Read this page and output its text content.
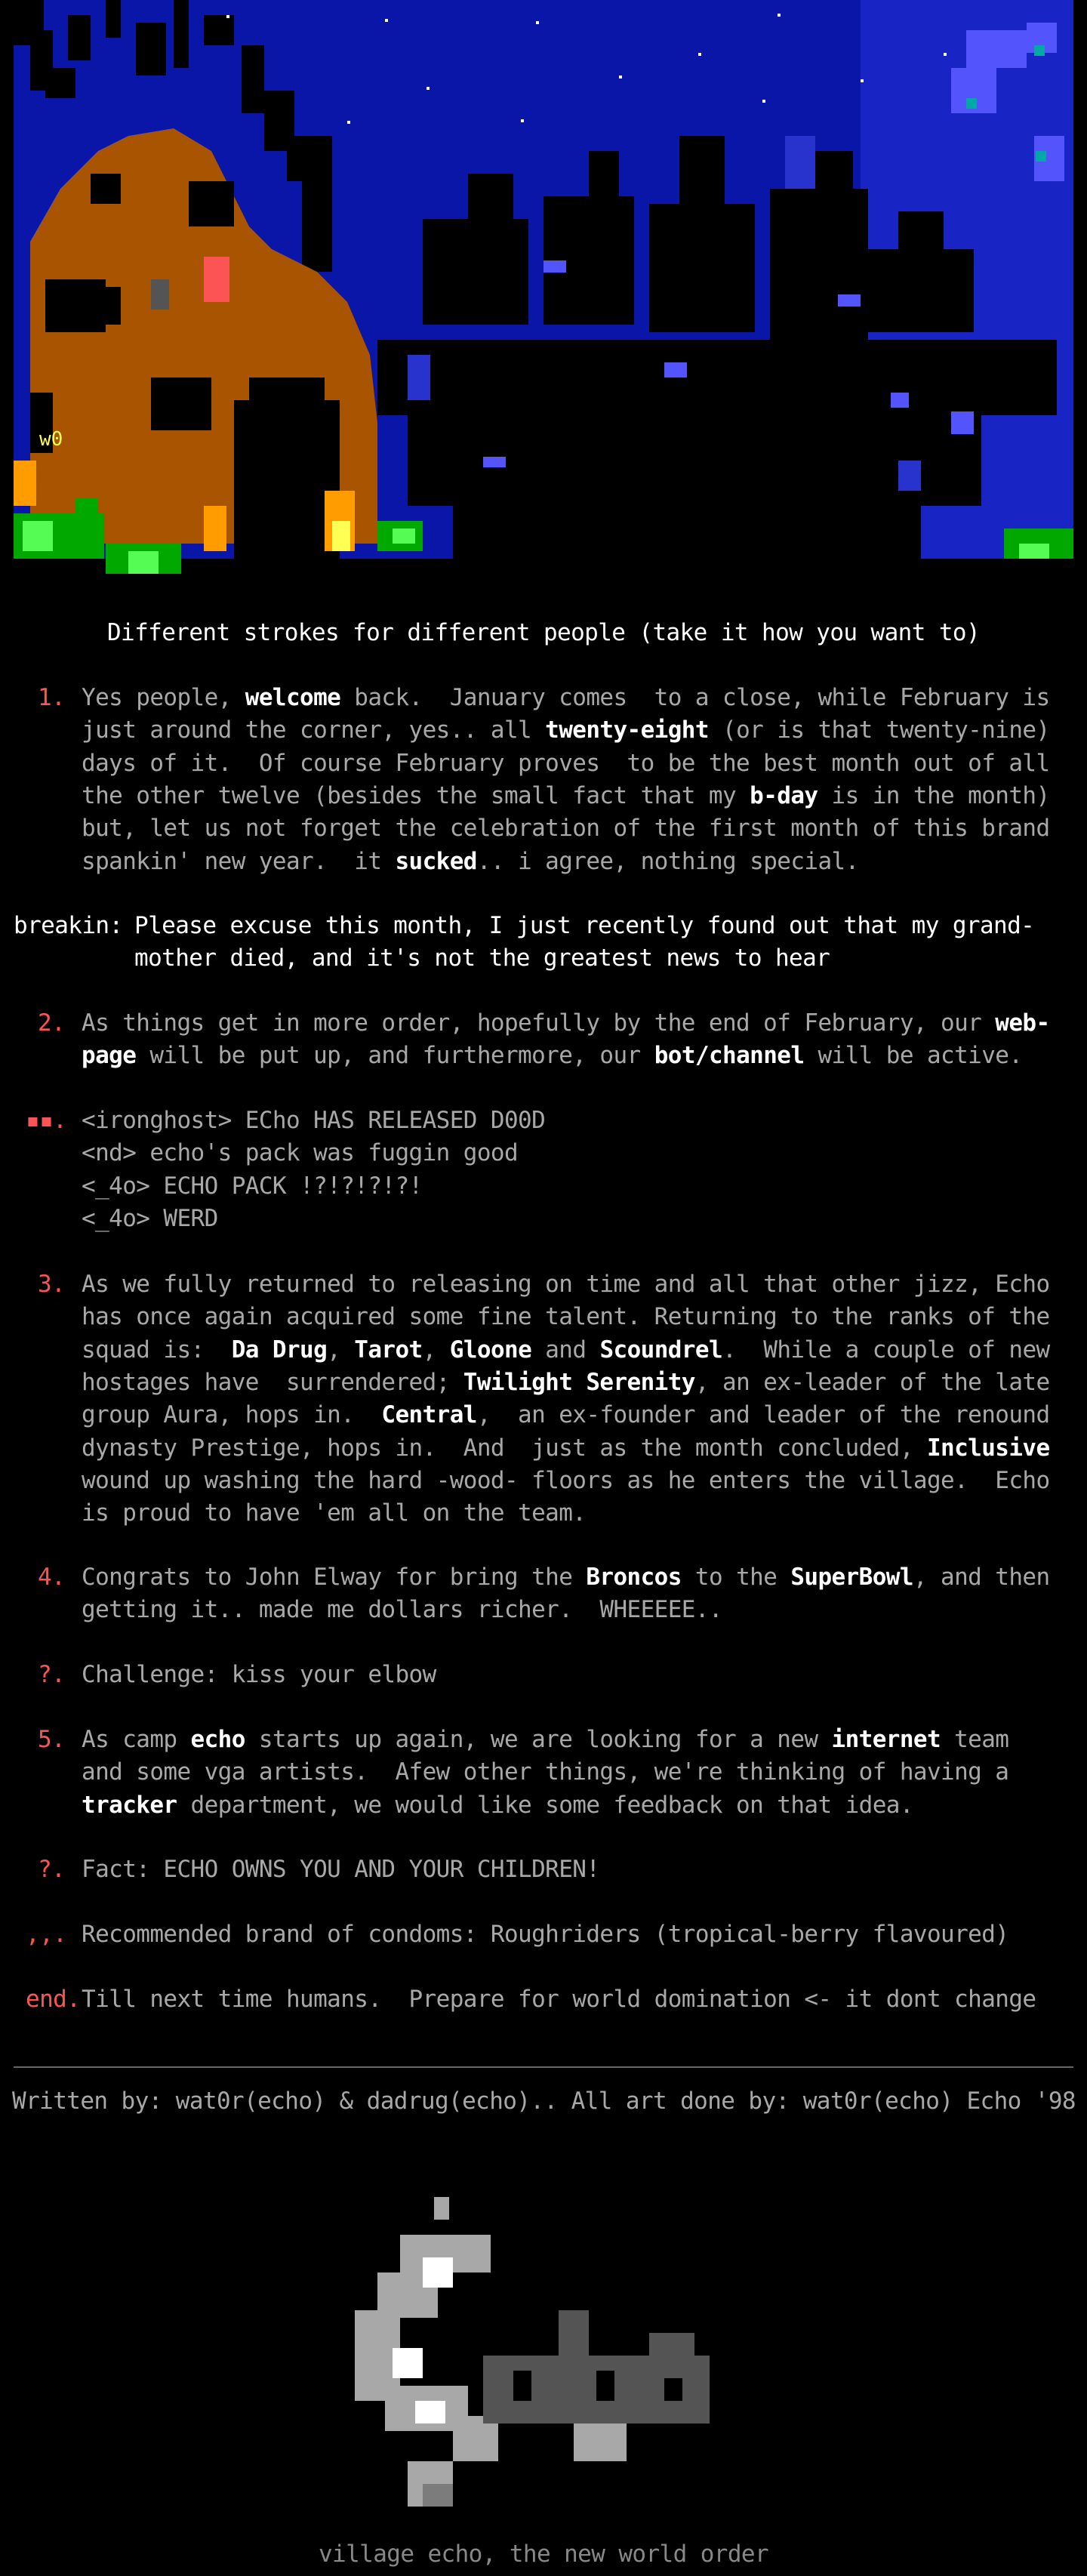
w0
Different strokes for different people (take it how you want to)
1. Yes people, welcome back.  January comes  to a close, while February is
just around the corner, yes.. all twenty-eight (or is that twenty-nine)
days of it.  Of course February proves  to be the best month out of all
the other twelve (besides the small fact that my b-day is in the month)
but, let us not forget the celebration of the first month of this brand
spankin' new year.  it sucked.. i agree, nothing special.
breakin: Please excuse this month, I just recently found out that my grand-
mother died, and it's not the greatest news to hear
2. As things get in more order, hopefully by the end of February, our web-
page will be put up, and furthermore, our bot/channel will be active.
▪▪. <ironghost> ECho HAS RELEASED D00D
<nd> echo's pack was fuggin good
<_4o> ECHO PACK !?!?!?!?!
<_4o> WERD
3. As we fully returned to releasing on time and all that other jizz, Echo
has once again acquired some fine talent. Returning to the ranks of the
squad is:  Da Drug, Tarot, Gloone and Scoundrel.  While a couple of new
hostages have  surrendered; Twilight Serenity, an ex-leader of the late
group Aura, hops in.  Central,  an ex-founder and leader of the renound
dynasty Prestige, hops in.  And  just as the month concluded, Inclusive
wound up washing the hard -wood- floors as he enters the village.  Echo
is proud to have 'em all on the team.
4. Congrats to John Elway for bring the Broncos to the SuperBowl, and then
getting it.. made me dollars richer.  WHEEEEE..
?. Challenge: kiss your elbow
5. As camp echo starts up again, we are looking for a new internet team
and some vga artists.  Afew other things, we're thinking of having a
tracker department, we would like some feedback on that idea.
?. Fact: ECHO OWNS YOU AND YOUR CHILDREN!
,,. Recommended brand of condoms: Roughriders (tropical-berry flavoured)
end. Till next time humans.  Prepare for world domination <- it dont change
Written by: wat0r(echo) & dadrug(echo).. All art done by: wat0r(echo) Echo '98
village echo, the new world order
